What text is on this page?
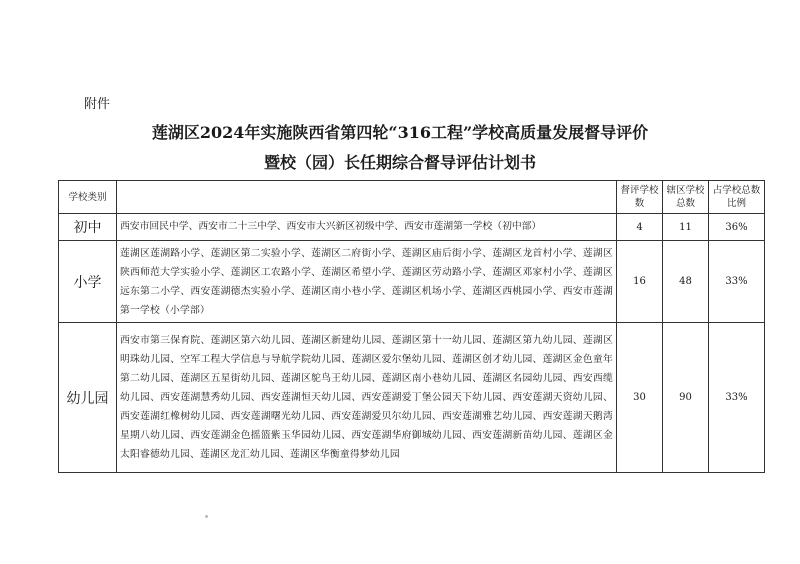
附件
莲湖区2024年实施陕西省第四轮“316工程”学校高质量发展督导评价
暨校（园）长任期综合督导评估计划书
学校类别		督评学校数	辖区学校总数	占学校总数比例
初中	西安市回民中学、西安市二十三中学、西安市大兴新区初级中学、西安市莲湖第一学校（初中部）	4	11	36%
小学	莲湖区莲湖路小学、莲湖区第二实验小学、莲湖区二府街小学、莲湖区庙后街小学、莲湖区龙首村小学、莲湖区陕西师范大学实验小学、莲湖区工农路小学、莲湖区希望小学、莲湖区劳动路小学、莲湖区邓家村小学、莲湖区远东第二小学、西安莲湖德杰实验小学、莲湖区南小巷小学、莲湖区机场小学、莲湖区西桃园小学、西安市莲湖第一学校（小学部）	16	48	33%
幼儿园	西安市第三保育院、莲湖区第六幼儿园、莲湖区新建幼儿园、莲湖区第十一幼儿园、莲湖区第九幼儿园、莲湖区明珠幼儿园、空军工程大学信息与导航学院幼儿园、莲湖区爱尔堡幼儿园、莲湖区创才幼儿园、莲湖区金色童年第二幼儿园、莲湖区五星街幼儿园、莲湖区鸵鸟王幼儿园、莲湖区南小巷幼儿园、莲湖区名园幼儿园、西安西缆幼儿园、西安莲湖慧秀幼儿园、西安莲湖恒天幼儿园、西安莲湖爱丁堡公园天下幼儿园、西安莲湖天资幼儿园、西安莲湖红橡树幼儿园、西安莲湖曙光幼儿园、西安莲湖爱贝尔幼儿园、西安莲湖雅艺幼儿园、西安莲湖天鹅湾星期八幼儿园、西安莲湖金色摇篮紫玉华园幼儿园、西安莲湖华府御城幼儿园、西安莲湖新苗幼儿园、莲湖区金太阳睿德幼儿园、莲湖区龙汇幼儿园、莲湖区华衡童得梦幼儿园	30	90	33%
